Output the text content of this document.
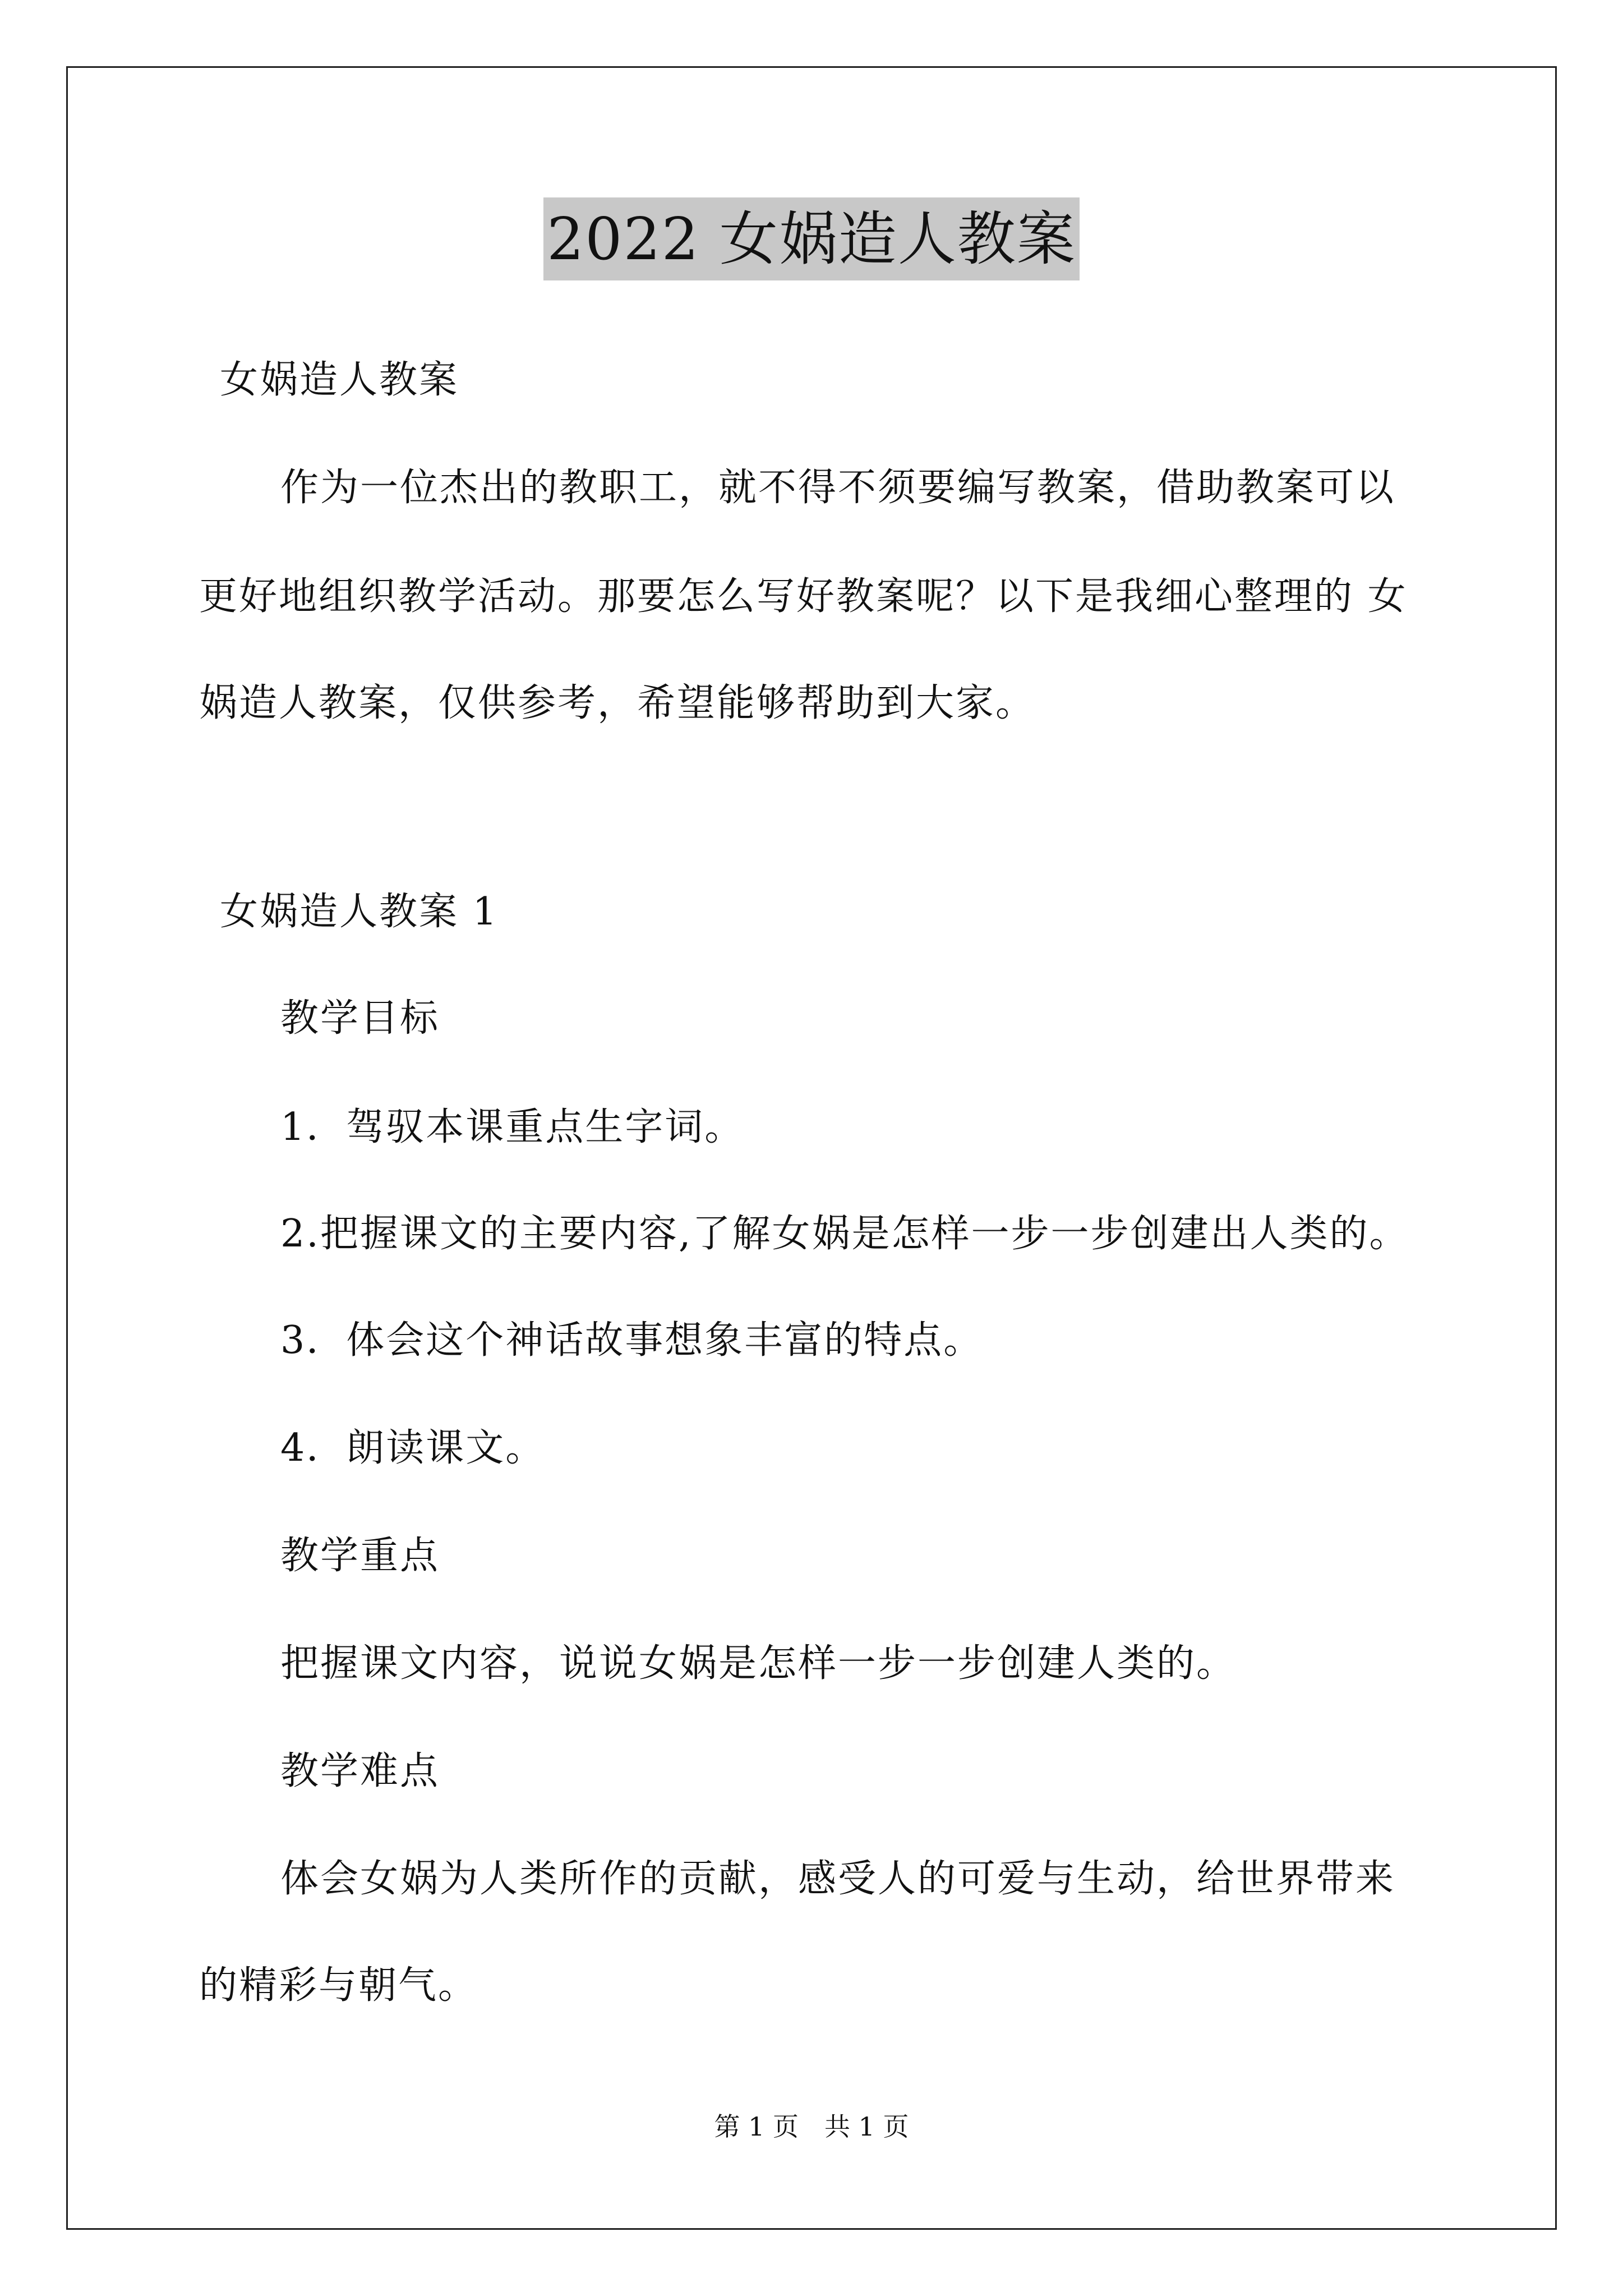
2022 女娲造人教案
女娲造人教案
作为一位杰出的教职工，就不得不须要编写教案，借助教案可以
更好地组织教学活动。那要怎么写好教案呢？以下是我细心整理的 女
娲造人教案，仅供参考，希望能够帮助到大家。
女娲造人教案 1
教学目标
1．驾驭本课重点生字词。
2.把握课文的主要内容,了解女娲是怎样一步一步创建出人类的。
3．体会这个神话故事想象丰富的特点。
4．朗读课文。
教学重点
把握课文内容，说说女娲是怎样一步一步创建人类的。
教学难点
体会女娲为人类所作的贡献，感受人的可爱与生动，给世界带来
的精彩与朝气。
第 1 页　共 1 页
